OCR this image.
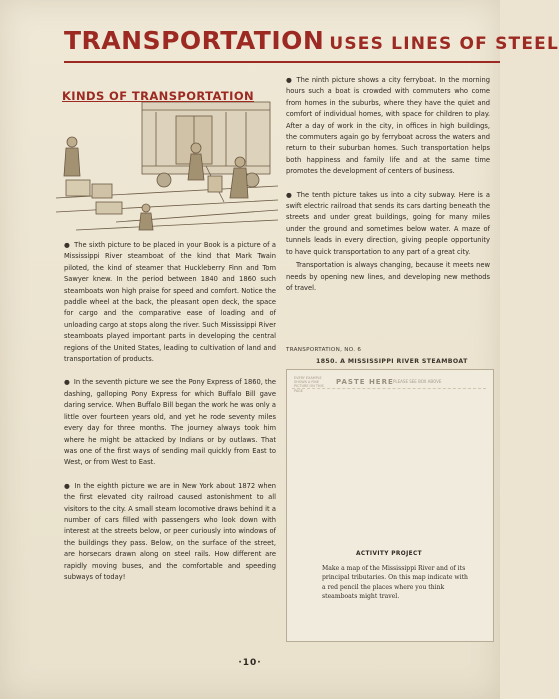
TRANSPORTATION USES LINES OF STEEL
KINDS OF TRANSPORTATION

● The sixth picture to be placed in your Book is a picture of a Mississippi River steamboat of the kind that Mark Twain piloted, the kind of steamer that Huckleberry Finn and Tom Sawyer knew. In the period between 1840 and 1860 such steamboats won high praise for speed and comfort. Notice the paddle wheel at the back, the pleasant open deck, the space for cargo and the comparative ease of loading and of unloading cargo at stops along the river. Such Mississippi River steamboats played important parts in developing the central regions of the United States, leading to cultivation of land and transportation of products.

● In the seventh picture we see the Pony Express of 1860, the dashing, galloping Pony Express for which Buffalo Bill gave daring service. When Buffalo Bill began the work he was only a little over fourteen years old, and yet he rode seventy miles every day for three months. The journey always took him where he might be attacked by Indians or by outlaws. That was one of the first ways of sending mail quickly from East to West, or from West to East.

● In the eighth picture we are in New York about 1872 when the first elevated city railroad caused astonishment to all visitors to the city. A small steam locomotive draws behind it a number of cars filled with passengers who look down with interest at the streets below, or peer curiously into windows of the buildings they pass. Below, on the surface of the street, are horsecars drawn along on steel rails. How different are rapidly moving buses, and the comfortable and speeding subways of today!

● The ninth picture shows a city ferryboat. In the morning hours such a boat is crowded with commuters who come from homes in the suburbs, where they have the quiet and comfort of individual homes, with space for children to play. After a day of work in the city, in offices in high buildings, the commuters again go by ferryboat across the waters and return to their suburban homes. Such transportation helps both happiness and family life and at the same time promotes the development of centers of business.

● The tenth picture takes us into a city subway. Here is a swift electric railroad that sends its cars darting beneath the streets and under great buildings, going for many miles under the ground and sometimes below water. A maze of tunnels leads in every direction, giving people opportunity to have quick transportation to any part of a great city.

Transportation is always changing, because it meets new needs by opening new lines, and developing new methods of travel.

TRANSPORTATION, NO. 6
1850. A MISSISSIPPI RIVER STEAMBOAT
EVERY EXAMPLE SHOWS A FINE PICTURE ON THIS PAGE
PASTE HERE PLEASE SEE BOX ABOVE
ACTIVITY PROJECT
Make a map of the Mississippi River and of its principal tributaries. On this map indicate with a red pencil the places where you think steamboats might travel.
·10·
